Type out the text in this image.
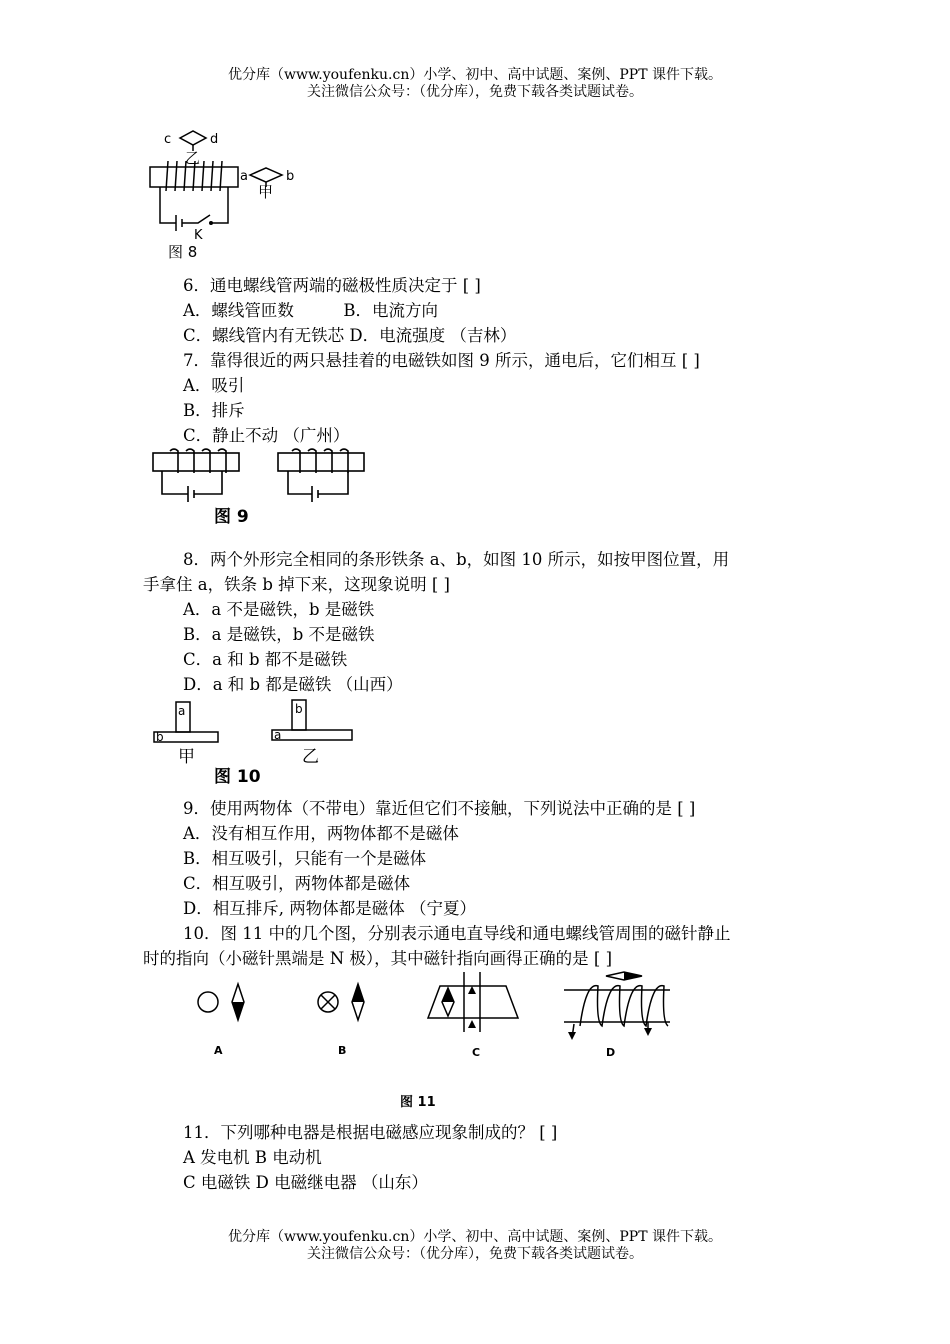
优分库（www.youfenku.cn）小学、初中、高中试题、案例、PPT 课件下载。
关注微信公众号：（优分库），免费下载各类试题试卷。
c	d
乙
a	b
甲
K
图 8
6．通电螺线管两端的磁极性质决定于 [ ]
A．螺线管匝数　　　B．电流方向
C．螺线管内有无铁芯 D．电流强度 （吉林）
7．靠得很近的两只悬挂着的电磁铁如图 9 所示，通电后，它们相互 [ ]
A．吸引
B．排斥
C．静止不动 （广州）
图 9
8．两个外形完全相同的条形铁条 a、b，如图 10 所示，如按甲图位置，用
手拿住 a，铁条 b 掉下来，这现象说明 [ ]
A．a 不是磁铁，b 是磁铁
B．a 是磁铁，b 不是磁铁
C．a 和 b 都不是磁铁
D．a 和 b 都是磁铁 （山西）
a
b
甲
b
a
乙
图 10
9．使用两物体（不带电）靠近但它们不接触，下列说法中正确的是 [ ]
A．没有相互作用，两物体都不是磁体
B．相互吸引，只能有一个是磁体
C．相互吸引，两物体都是磁体
D．相互排斥, 两物体都是磁体 （宁夏）
10．图 11 中的几个图，分别表示通电直导线和通电螺线管周围的磁针静止
时的指向（小磁针黑端是 N 极），其中磁针指向画得正确的是 [ ]
A	B	C	D
图 11
11．下列哪种电器是根据电磁感应现象制成的？ [ ]
A 发电机 B 电动机
C 电磁铁 D 电磁继电器 （山东）
优分库（www.youfenku.cn）小学、初中、高中试题、案例、PPT 课件下载。
关注微信公众号：（优分库），免费下载各类试题试卷。
